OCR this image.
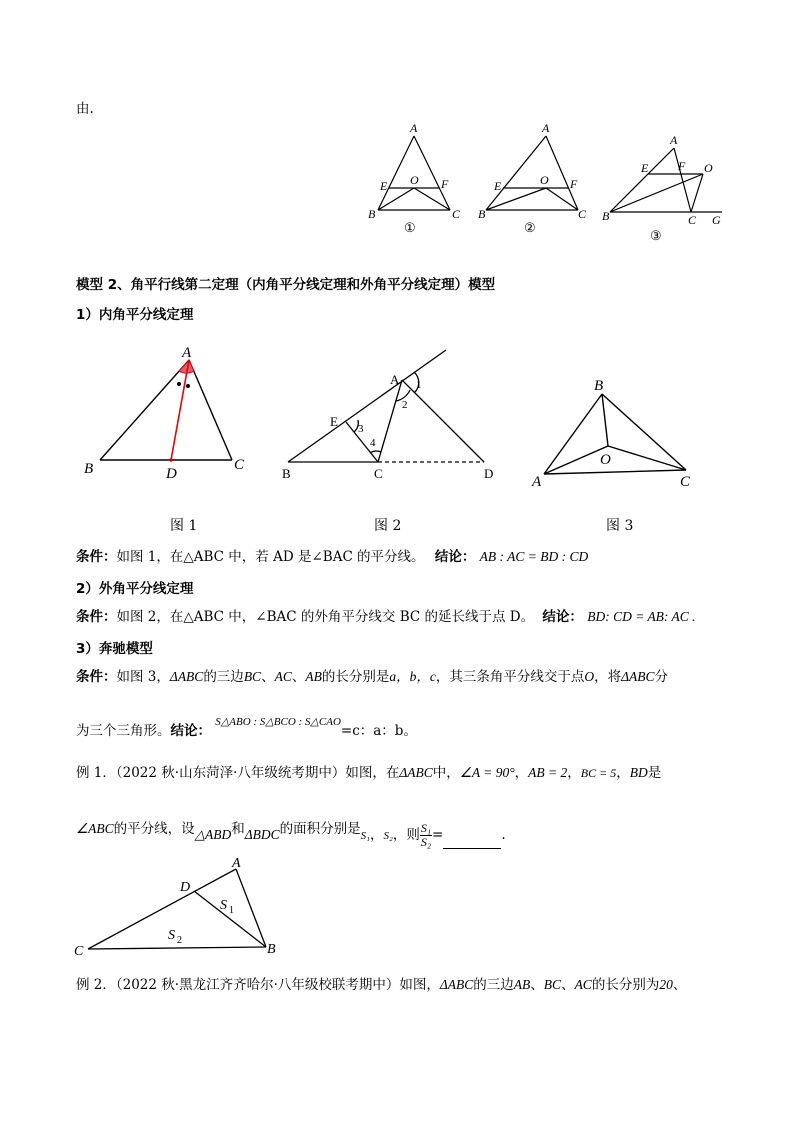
由.
A
E O F
B	C
①
A
E	O F
B	C
②
A
E F O
B	C G
③
模型 2、角平行线第二定理（内角平分线定理和外角平分线定理）模型
1）内角平分线定理
A
B	D
C
A
E
1
2
3
4
B	C	D
B
O
A	C
图 1	图 2	图 3
条件：如图 1，在△ABC 中，若 AD 是∠BAC 的平分线。 结论： AB : AC = BD : CD
2）外角平分线定理
条件：如图 2，在△ABC 中，∠BAC 的外角平分线交 BC 的延长线于点 D。 结论： BD: CD = AB: AC .
3）奔驰模型
条件：如图 3，ΔABC的三边BC、AC、AB的长分别是a，b，c，其三条角平分线交于点O，将ΔABC分
为三个三角形。结论： $^{S\triangle ABO : S\triangle BCO : S\triangle CAO}$=c：a：b。
例 1．（2022 秋·山东菏泽·八年级统考期中）如图，在ΔABC中，∠A = 90°，AB = 2，BC = 5，BD是
∠ABC的平分线，设△ABD和ΔBDC的面积分别是S₁，S₂，则 $\frac{\text{S₁}}{\text{S₂}}$ =	.
A
D
S 1
S 2
C	B
例 2．（2022 秋·黑龙江齐齐哈尔·八年级校联考期中）如图，ΔABC的三边AB、BC、AC的长分别为20、
